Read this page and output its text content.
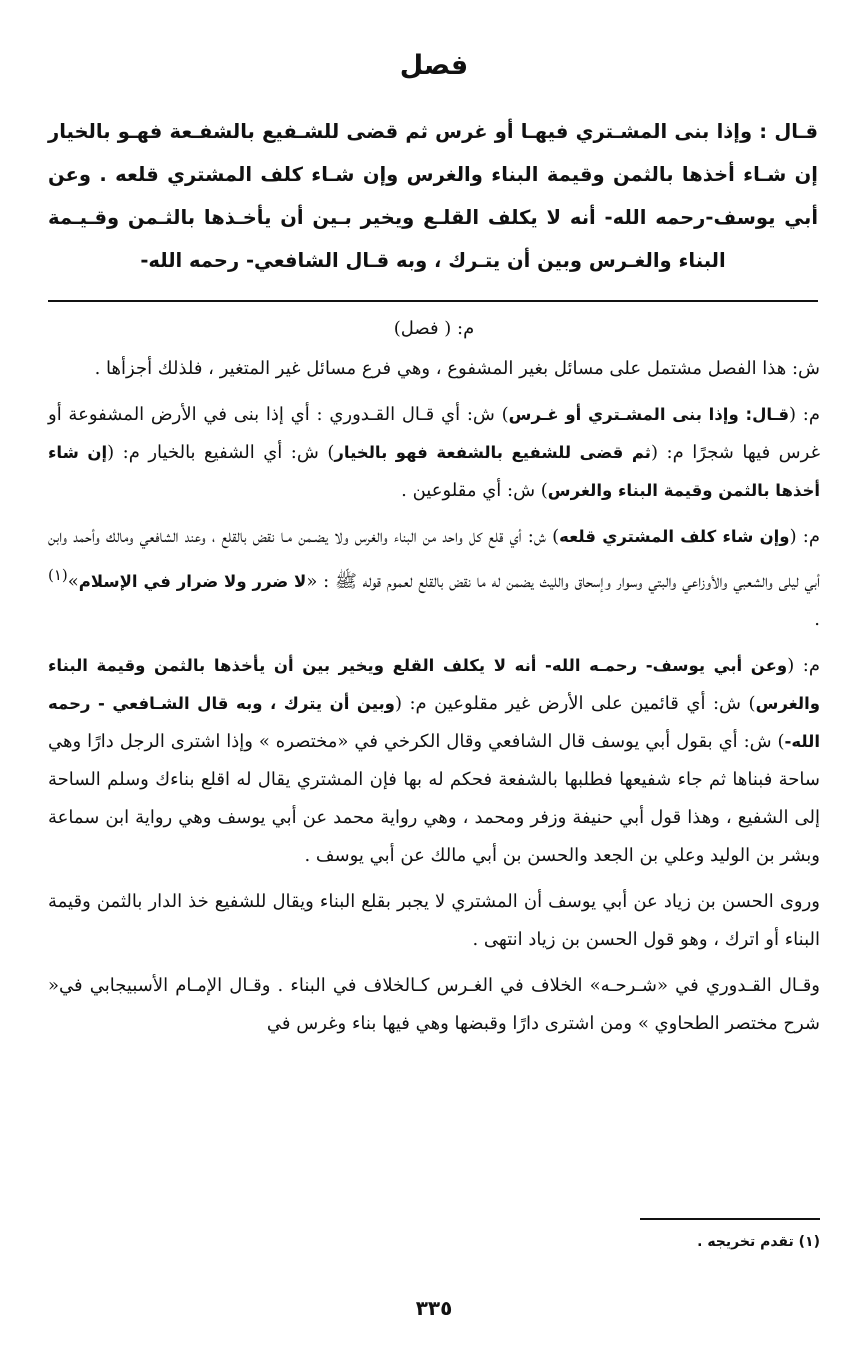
فصل
قـال : وإذا بنى المشـتري فيهـا أو غرس ثم قضى للشـفيع بالشفـعة فهـو بالخيار إن شـاء أخذها بالثمن وقيمة البناء والغرس وإن شـاء كلف المشتري قلعه . وعن أبي يوسف-رحمه الله- أنه لا يكلف القلـع ويخير بـين أن يأخـذها بالثـمن وقـيـمة البناء والغـرس وبين أن يتـرك ، وبه قـال الشافعي- رحمه الله-

م: ( فصل)

ش: هذا الفصل مشتمل على مسائل بغير المشفوع ، وهي فرع مسائل غير المتغير ، فلذلك أجزأها .

م: (قـال: وإذا بنى المشـتري أو غـرس) ش: أي قـال القـدوري : أي إذا بنى في الأرض المشفوعة أو غرس فيها شجرًا م: (ثم قضى للشفيع بالشفعة فهو بالخيار) ش: أي الشفيع بالخيار م: (إن شاء أخذها بالثمن وقيمة البناء والغرس) ش: أي مقلوعين .

م: (وإن شاء كلف المشتري قلعه) ش: أي قلع كل واحد من البناء والغرس ولا يضـمن مـا نقض بالقلع ، وعند الشافعي ومالك وأحمد وابن أبي ليلى والشعبي والأوزاعي والبتي وسوار وإسحاق والليث يضمن له ما نقض بالقلع لعموم قوله ﷺ : «لا ضرر ولا ضرار في الإسلام»$^{(١)}$ .

م: (وعن أبي يوسف- رحمـه الله- أنه لا يكلف القلع ويخير بين أن يأخذها بالثمن وقيمة البناء والغرس) ش: أي قائمين على الأرض غير مقلوعين م: (وبين أن يترك ، وبه قال الشـافعي - رحمه الله-) ش: أي بقول أبي يوسف قال الشافعي وقال الكرخي في «مختصره » وإذا اشترى الرجل دارًا وهي ساحة فبناها ثم جاء شفيعها فطلبها بالشفعة فحكم له بها فإن المشتري يقال له اقلع بناءك وسلم الساحة إلى الشفيع ، وهذا قول أبي حنيفة وزفر ومحمد ، وهي رواية محمد عن أبي يوسف وهي رواية ابن سماعة وبشر بن الوليد وعلي بن الجعد والحسن بن أبي مالك عن أبي يوسف .

وروى الحسن بن زياد عن أبي يوسف أن المشتري لا يجبر بقلع البناء ويقال للشفيع خذ الدار بالثمن وقيمة البناء أو اترك ، وهو قول الحسن بن زياد انتهى .

وقـال القـدوري في «شـرحـه» الخلاف في الغـرس كـالخلاف في البناء . وقـال الإمـام الأسبيجابي في« شرح مختصر الطحاوي » ومن اشترى دارًا وقبضها وهي فيها بناء وغرس في

(١) تقدم تخريجه .
٣٣٥
